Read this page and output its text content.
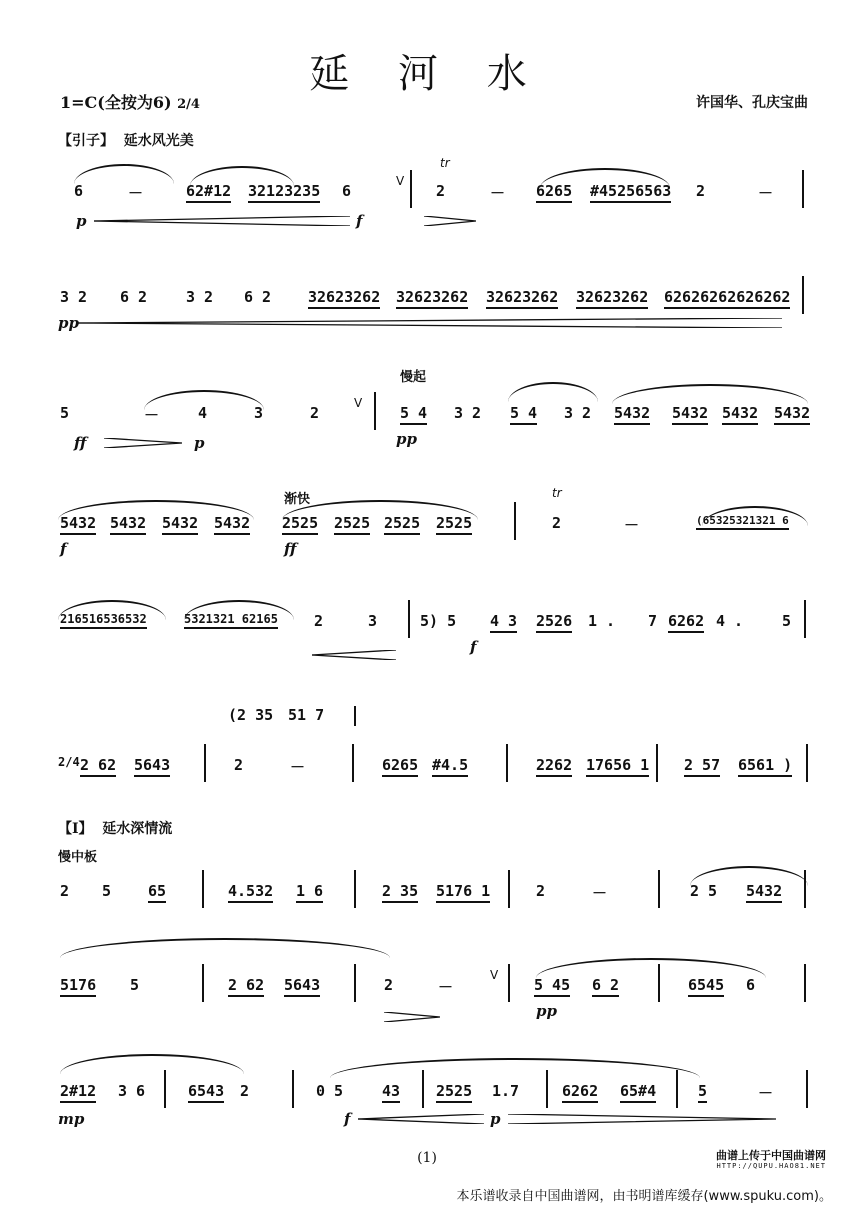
延 河 水
1=C(全按为6) 2/4	许国华、孔庆宝曲
【引子】 延水风光美
6	－	62#12 32123235 6
V
tr
2	－ 6265 #45256563 2	－
p	f
3 2 6 2	3 2 6 2 32623262 32623262 32623262 32623262 62626262626262
pp
慢起
5	－	4	3	2
V
5 4 3 2 5 4 3 2 5432 5432 5432 5432
ff	p	pp
渐快
5432 5432 5432 5432 2525 2525 2525 2525
tr
2	－	(65325321321 6
f	ff
216516536532	5321321 62165 2	3	5) 5 4 3 2526 1 . 7 6262 4 .	5
f
(2 35 51 7
2/4 2 62 5643	2	－	6265 #4.5	2262 17656 1 2 57 6561 )
【I】 延水深情流
慢中板
2 5 65	4.532 1 6	2 35 5176 1	2	－	2 5 5432
5176 5	2 62 5643	2	－
V
5 45 6 2	6545 6
pp
2#12 3 6	6543 2	0 5	43 2525 1.7	6262 65#4	5	－
mp	f	p
(1)	曲谱上传于中国曲谱网
HTTP://QUPU.HAO81.NET
本乐谱收录自中国曲谱网，由书明谱库缓存(www.spuku.com)。
